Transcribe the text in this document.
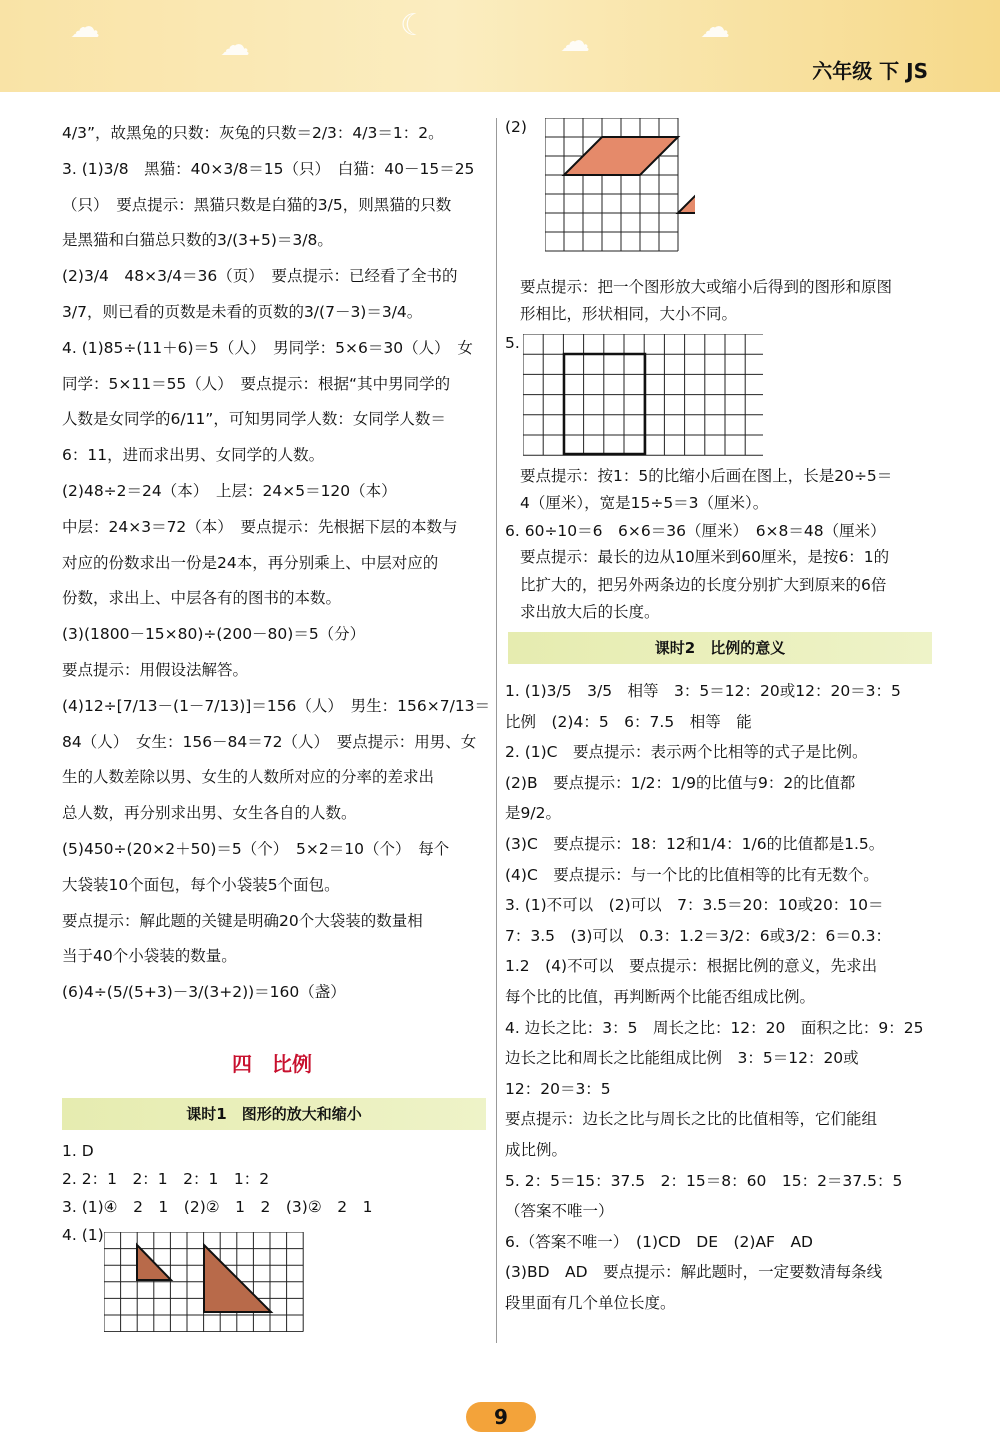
☁
☁
☾	☁	☁
六年级 下 JS
4/3”，故黑兔的只数：灰兔的只数＝2/3：4/3＝1：2。
3. (1)3/8　黑猫：40×3/8＝15（只）　白猫：40－15＝25
（只）　要点提示：黑猫只数是白猫的3/5，则黑猫的只数
是黑猫和白猫总只数的3/(3+5)＝3/8。
(2)3/4　48×3/4＝36（页）　要点提示：已经看了全书的
3/7，则已看的页数是未看的页数的3/(7－3)＝3/4。
4. (1)85÷(11＋6)＝5（人）　男同学：5×6＝30（人）　女
同学：5×11＝55（人）　要点提示：根据“其中男同学的
人数是女同学的6/11”，可知男同学人数：女同学人数＝
6：11，进而求出男、女同学的人数。
(2)48÷2＝24（本）　上层：24×5＝120（本）
中层：24×3＝72（本）　要点提示：先根据下层的本数与
对应的份数求出一份是24本，再分别乘上、中层对应的
份数，求出上、中层各有的图书的本数。
(3)(1800－15×80)÷(200－80)＝5（分）
要点提示：用假设法解答。
(4)12÷[7/13－(1－7/13)]＝156（人）　男生：156×7/13＝
84（人）　女生：156－84＝72（人）　要点提示：用男、女
生的人数差除以男、女生的人数所对应的分率的差求出
总人数，再分别求出男、女生各自的人数。
(5)450÷(20×2＋50)＝5（个）　5×2＝10（个）　每个
大袋装10个面包，每个小袋装5个面包。
要点提示：解此题的关键是明确20个大袋装的数量相
当于40个小袋装的数量。
(6)4÷(5/(5+3)－3/(3+2))＝160（盏）
四　比例
课时1　图形的放大和缩小
1. D
2. 2：1　2：1　2：1　1：2
3. (1)④　2　1　(2)②　1　2　(3)②　2　1
4. (1)
(2)
要点提示：把一个图形放大或缩小后得到的图形和原图
形相比，形状相同，大小不同。
5.
要点提示：按1：5的比缩小后画在图上，长是20÷5＝
4（厘米），宽是15÷5＝3（厘米）。
6. 60÷10＝6　6×6＝36（厘米）　6×8＝48（厘米）
要点提示：最长的边从10厘米到60厘米，是按6：1的
比扩大的，把另外两条边的长度分别扩大到原来的6倍
求出放大后的长度。
课时2　比例的意义
1. (1)3/5　3/5　相等　3：5＝12：20或12：20＝3：5
比例　(2)4：5　6：7.5　相等　能
2. (1)C　要点提示：表示两个比相等的式子是比例。
(2)B　要点提示：1/2：1/9的比值与9：2的比值都
是9/2。
(3)C　要点提示：18：12和1/4：1/6的比值都是1.5。
(4)C　要点提示：与一个比的比值相等的比有无数个。
3. (1)不可以　(2)可以　7：3.5＝20：10或20：10＝
7：3.5　(3)可以　0.3：1.2＝3/2：6或3/2：6＝0.3：
1.2　(4)不可以　要点提示：根据比例的意义，先求出
每个比的比值，再判断两个比能否组成比例。
4. 边长之比：3：5　周长之比：12：20　面积之比：9：25
边长之比和周长之比能组成比例　3：5＝12：20或
12：20＝3：5
要点提示：边长之比与周长之比的比值相等，它们能组
成比例。
5. 2：5＝15：37.5　2：15＝8：60　15：2＝37.5：5
（答案不唯一）
6.（答案不唯一）　(1)CD　DE　(2)AF　AD
(3)BD　AD　要点提示：解此题时，一定要数清每条线
段里面有几个单位长度。
9
